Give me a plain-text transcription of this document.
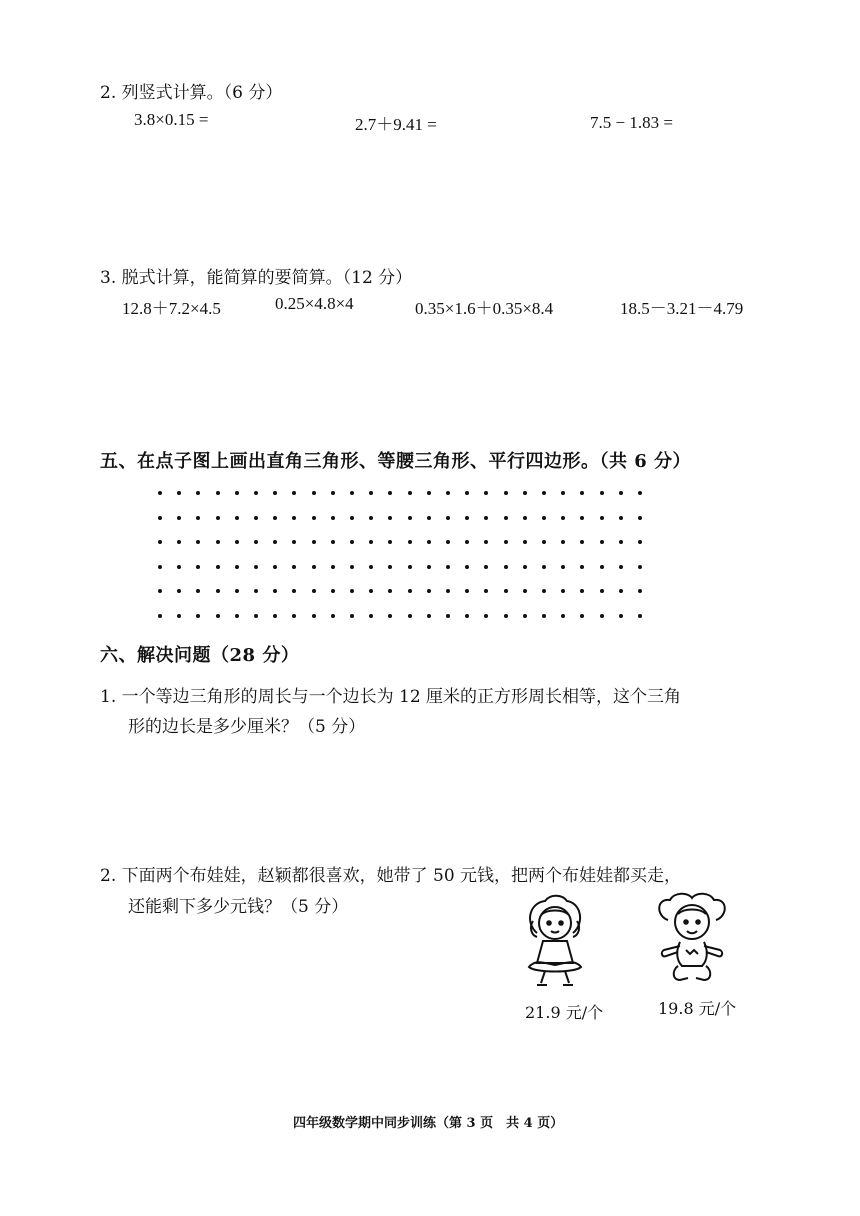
2. 列竖式计算。（6 分）
3.8×0.15 =	2.7＋9.41 =	7.5 − 1.83 =
3. 脱式计算，能简算的要简算。（12 分）
12.8＋7.2×4.5	0.25×4.8×4	0.35×1.6＋0.35×8.4	18.5－3.21－4.79
五、在点子图上画出直角三角形、等腰三角形、平行四边形。（共 6 分）
六、解决问题（28 分）
1. 一个等边三角形的周长与一个边长为 12 厘米的正方形周长相等，这个三角
形的边长是多少厘米？（5 分）
2. 下面两个布娃娃，赵颖都很喜欢，她带了 50 元钱，把两个布娃娃都买走，
还能剩下多少元钱？（5 分）
21.9 元/个	19.8 元/个
四年级数学期中同步训练（第 3 页　共 4 页）
